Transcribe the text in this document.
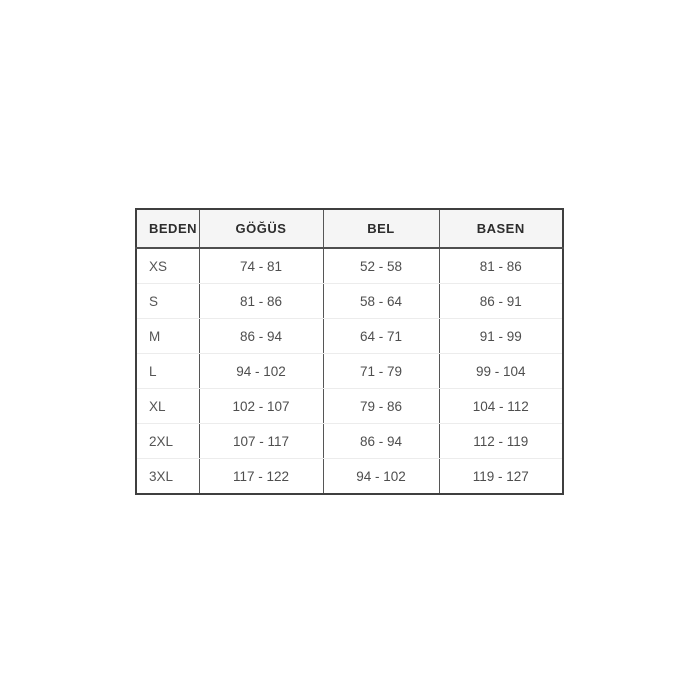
BEDEN	GÖĞÜS	BEL	BASEN
XS	74 - 81	52 - 58	81 - 86
S	81 - 86	58 - 64	86 - 91
M	86 - 94	64 - 71	91 - 99
L	94 - 102	71 - 79	99 - 104
XL	102 - 107	79 - 86	104 - 112
2XL	107 - 117	86 - 94	112 - 119
3XL	117 - 122	94 - 102	119 - 127
